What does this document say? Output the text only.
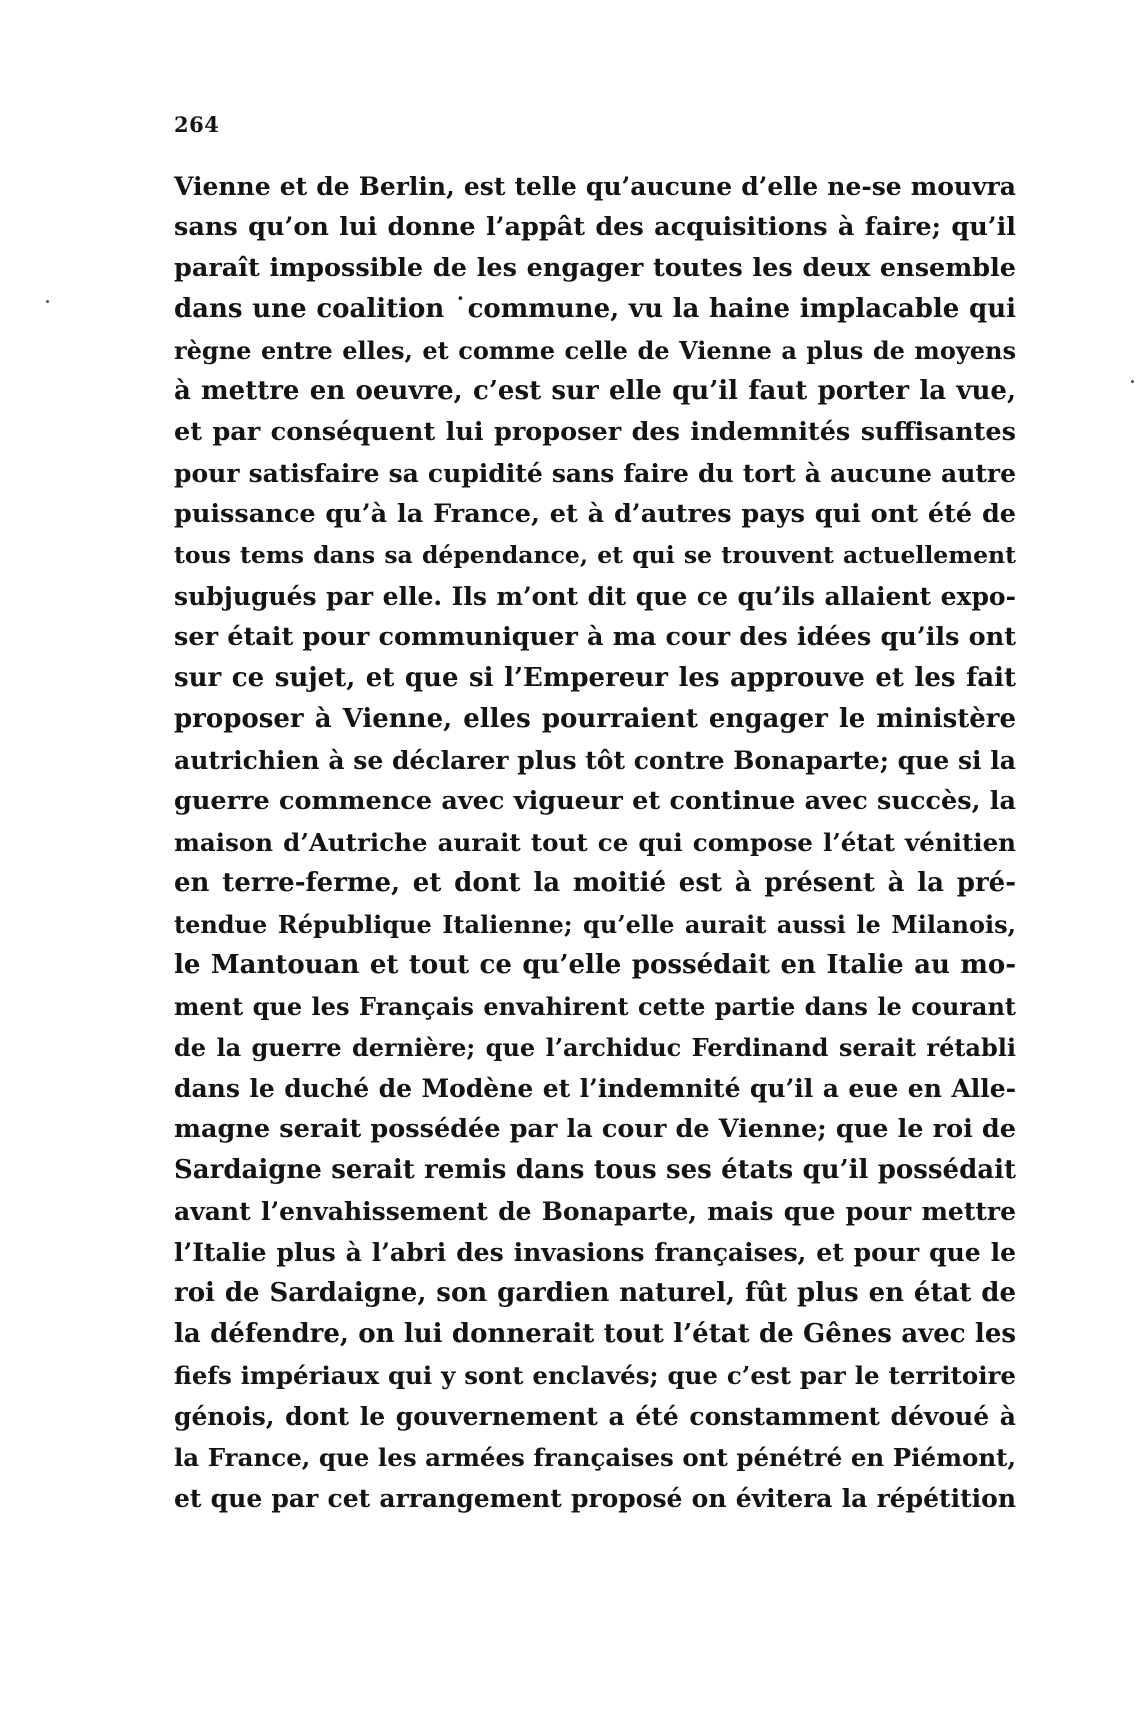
264
Vienne et de Berlin, est telle qu’aucune d’elle ne-se mouvra
sans qu’on lui donne l’appât des acquisitions à faire; qu’il
paraît impossible de les engager toutes les deux ensemble
dans une coalition ˙commune, vu la haine implacable qui
règne entre elles, et comme celle de Vienne a plus de moyens
à mettre en oeuvre, c’est sur elle qu’il faut porter la vue,
et par conséquent lui proposer des indemnités suffisantes
pour satisfaire sa cupidité sans faire du tort à aucune autre
puissance qu’à la France, et à d’autres pays qui ont été de
tous tems dans sa dépendance, et qui se trouvent actuellement
subjugués par elle. Ils m’ont dit que ce qu’ils allaient expo-
ser était pour communiquer à ma cour des idées qu’ils ont
sur ce sujet, et que si l’Empereur les approuve et les fait
proposer à Vienne, elles pourraient engager le ministère
autrichien à se déclarer plus tôt contre Bonaparte; que si la
guerre commence avec vigueur et continue avec succès, la
maison d’Autriche aurait tout ce qui compose l’état vénitien
en terre-ferme, et dont la moitié est à présent à la pré-
tendue République Italienne; qu’elle aurait aussi le Milanois,
le Mantouan et tout ce qu’elle possédait en Italie au mo-
ment que les Français envahirent cette partie dans le courant
de la guerre dernière; que l’archiduc Ferdinand serait rétabli
dans le duché de Modène et l’indemnité qu’il a eue en Alle-
magne serait possédée par la cour de Vienne; que le roi de
Sardaigne serait remis dans tous ses états qu’il possédait
avant l’envahissement de Bonaparte, mais que pour mettre
l’Italie plus à l’abri des invasions françaises, et pour que le
roi de Sardaigne, son gardien naturel, fût plus en état de
la défendre, on lui donnerait tout l’état de Gênes avec les
fiefs impériaux qui y sont enclavés; que c’est par le territoire
génois, dont le gouvernement a été constamment dévoué à
la France, que les armées françaises ont pénétré en Piémont,
et que par cet arrangement proposé on évitera la répétition
